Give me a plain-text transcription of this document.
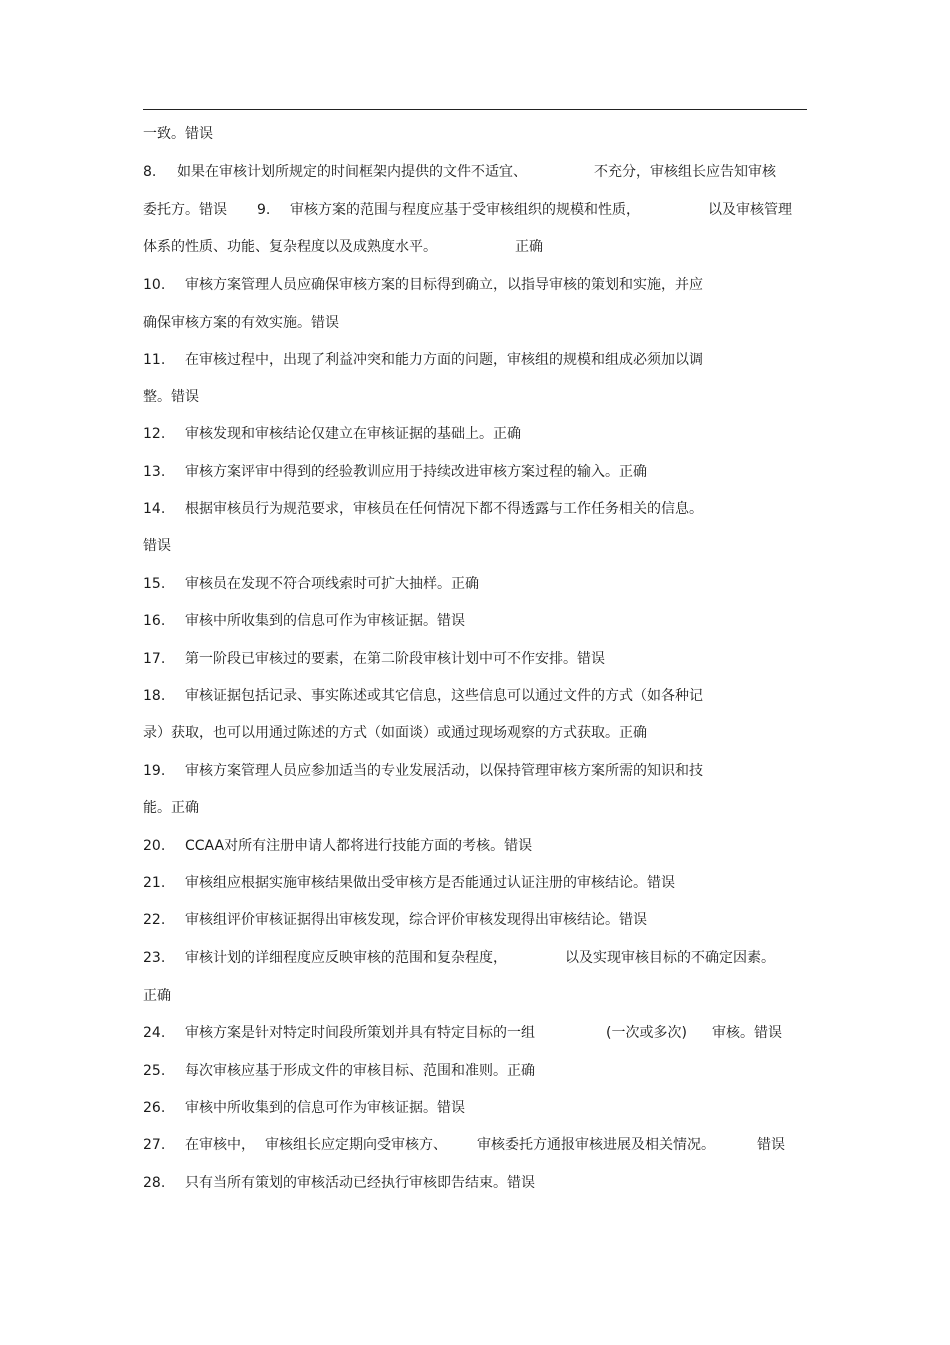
一致。错误
8. 如果在审核计划所规定的时间框架内提供的文件不适宜、	不充分，审核组长应告知审核
委托方。错误 9. 审核方案的范围与程度应基于受审核组织的规模和性质，	以及审核管理
体系的性质、功能、复杂程度以及成熟度水平。	正确
10. 审核方案管理人员应确保审核方案的目标得到确立，以指导审核的策划和实施，并应
确保审核方案的有效实施。错误
11. 在审核过程中，出现了利益冲突和能力方面的问题，审核组的规模和组成必须加以调
整。错误
12. 审核发现和审核结论仅建立在审核证据的基础上。正确
13. 审核方案评审中得到的经验教训应用于持续改进审核方案过程的输入。正确
14. 根据审核员行为规范要求，审核员在任何情况下都不得透露与工作任务相关的信息。
错误
15. 审核员在发现不符合项线索时可扩大抽样。正确
16. 审核中所收集到的信息可作为审核证据。错误
17. 第一阶段已审核过的要素，在第二阶段审核计划中可不作安排。错误
18. 审核证据包括记录、事实陈述或其它信息，这些信息可以通过文件的方式（如各种记
录）获取，也可以用通过陈述的方式（如面谈）或通过现场观察的方式获取。正确
19. 审核方案管理人员应参加适当的专业发展活动，以保持管理审核方案所需的知识和技
能。正确
20. CCAA对所有注册申请人都将进行技能方面的考核。错误
21. 审核组应根据实施审核结果做出受审核方是否能通过认证注册的审核结论。错误
22. 审核组评价审核证据得出审核发现，综合评价审核发现得出审核结论。错误
23. 审核计划的详细程度应反映审核的范围和复杂程度，	以及实现审核目标的不确定因素。
正确
24. 审核方案是针对特定时间段所策划并具有特定目标的一组	(一次或多次) 审核。错误
25. 每次审核应基于形成文件的审核目标、范围和准则。正确
26. 审核中所收集到的信息可作为审核证据。错误
27. 在审核中， 审核组长应定期向受审核方、 审核委托方通报审核进展及相关情况。	错误
28. 只有当所有策划的审核活动已经执行审核即告结束。错误
